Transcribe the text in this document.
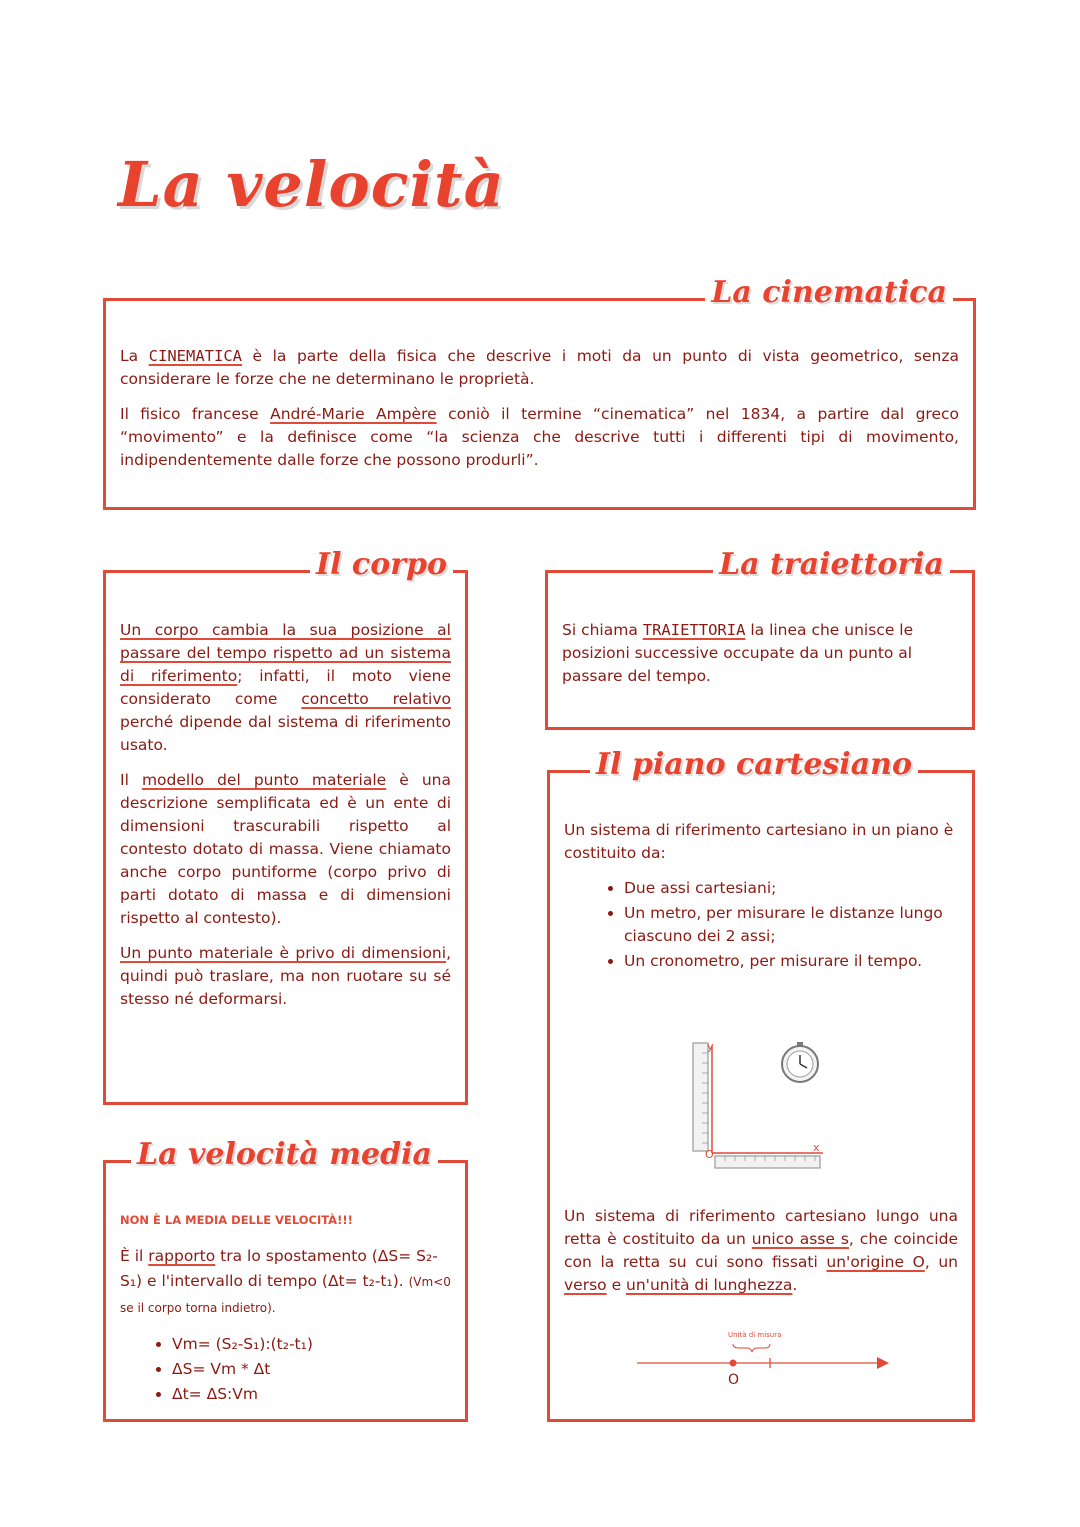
La velocità
La cinematica

La CINEMATICA è la parte della fisica che descrive i moti da un punto di vista geometrico, senza considerare le forze che ne determinano le proprietà.

Il fisico francese André-Marie Ampère coniò il termine “cinematica” nel 1834, a partire dal greco “movimento” e la definisce come “la scienza che descrive tutti i differenti tipi di movimento, indipendentemente dalle forze che possono produrli”.

Il corpo

Un corpo cambia la sua posizione al passare del tempo rispetto ad un sistema di riferimento; infatti, il moto viene considerato come concetto relativo perché dipende dal sistema di riferimento usato.

Il modello del punto materiale è una descrizione semplificata ed è un ente di dimensioni trascurabili rispetto al contesto dotato di massa. Viene chiamato anche corpo puntiforme (corpo privo di parti dotato di massa e di dimensioni rispetto al contesto).

Un punto materiale è privo di dimensioni, quindi può traslare, ma non ruotare su sé stesso né deformarsi.

La traiettoria

Si chiama TRAIETTORIA la linea che unisce le posizioni successive occupate da un punto al passare del tempo.

Il piano cartesiano

Un sistema di riferimento cartesiano in un piano è costituito da:

• Due assi cartesiani;
• Un metro, per misurare le distanze lungo ciascuno dei 2 assi;
• Un cronometro, per misurare il tempo.
y
x
O

Un sistema di riferimento cartesiano lungo una retta è costituito da un unico asse s, che coincide con la retta su cui sono fissati un'origine O, un verso e un'unità di lunghezza.

Unità di misura
O
La velocità media

NON È LA MEDIA DELLE VELOCITÀ!!!

È il rapporto tra lo spostamento (ΔS= S₂-S₁) e l'intervallo di tempo (Δt= t₂-t₁). (Vm<0 se il corpo torna indietro).

• Vm= (S₂-S₁):(t₂-t₁)
• ΔS= Vm * Δt
• Δt= ΔS:Vm
